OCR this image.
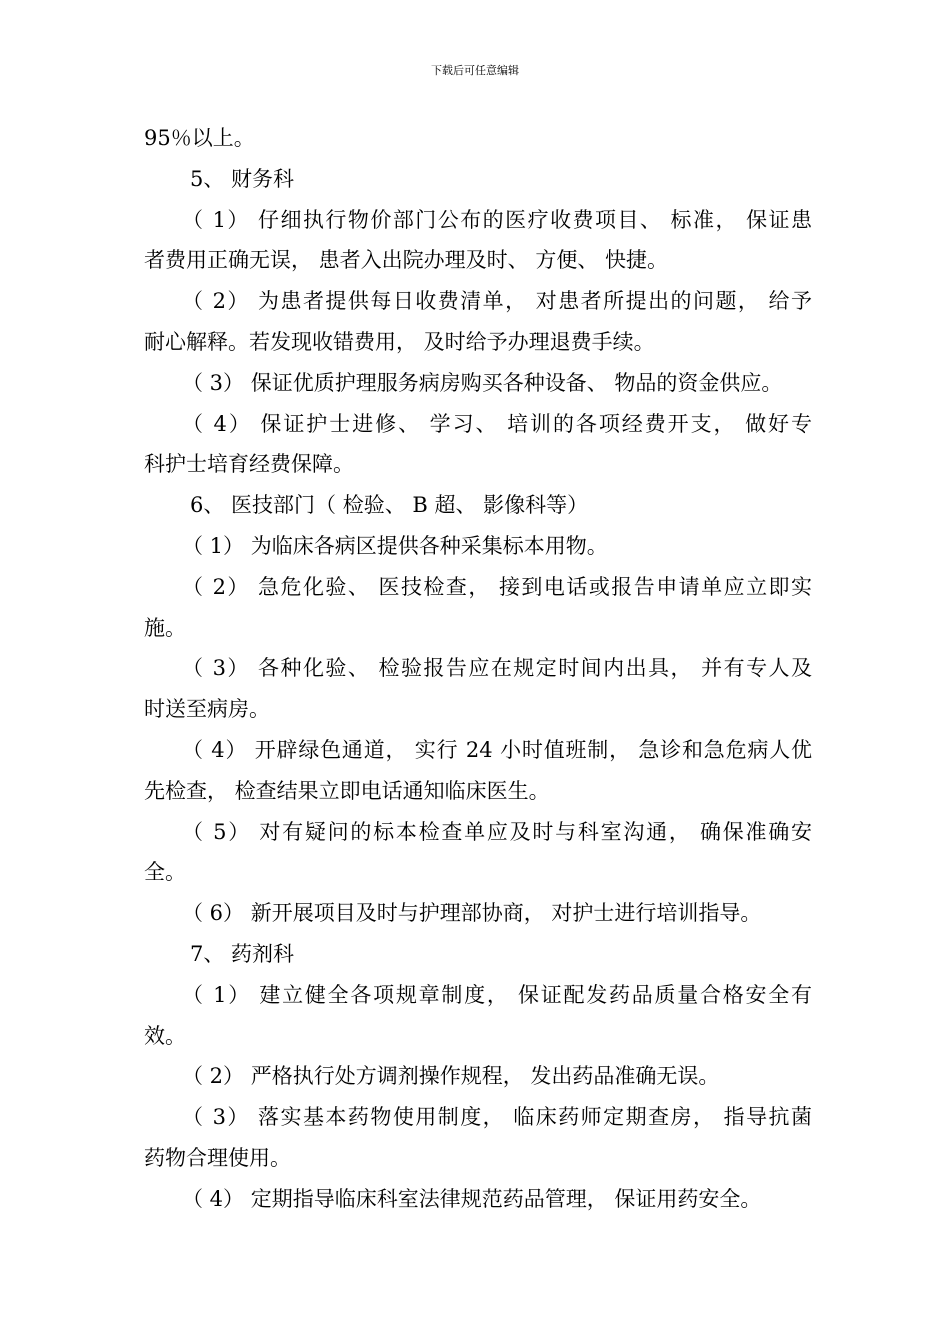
下载后可任意编辑
95％以上。
5、 财务科
（ 1） 仔细执行物价部门公布的医疗收费项目、 标准， 保证患
者费用正确无误， 患者入出院办理及时、 方便、 快捷。
（ 2） 为患者提供每日收费清单， 对患者所提出的问题， 给予
耐心解释。若发现收错费用， 及时给予办理退费手续。
（ 3） 保证优质护理服务病房购买各种设备、 物品的资金供应。
（ 4） 保证护士进修、 学习、 培训的各项经费开支， 做好专
科护士培育经费保障。
6、 医技部门（ 检验、 B 超、 影像科等）
（ 1） 为临床各病区提供各种采集标本用物。
（ 2） 急危化验、 医技检查， 接到电话或报告申请单应立即实
施。
（ 3） 各种化验、 检验报告应在规定时间内出具， 并有专人及
时送至病房。
（ 4） 开辟绿色通道， 实行 24 小时值班制， 急诊和急危病人优
先检查， 检查结果立即电话通知临床医生。
（ 5） 对有疑问的标本检查单应及时与科室沟通， 确保准确安
全。
（ 6） 新开展项目及时与护理部协商， 对护士进行培训指导。
7、 药剂科
（ 1） 建立健全各项规章制度， 保证配发药品质量合格安全有
效。
（ 2） 严格执行处方调剂操作规程， 发出药品准确无误。
（ 3） 落实基本药物使用制度， 临床药师定期查房， 指导抗菌
药物合理使用。
（ 4） 定期指导临床科室法律规范药品管理， 保证用药安全。
